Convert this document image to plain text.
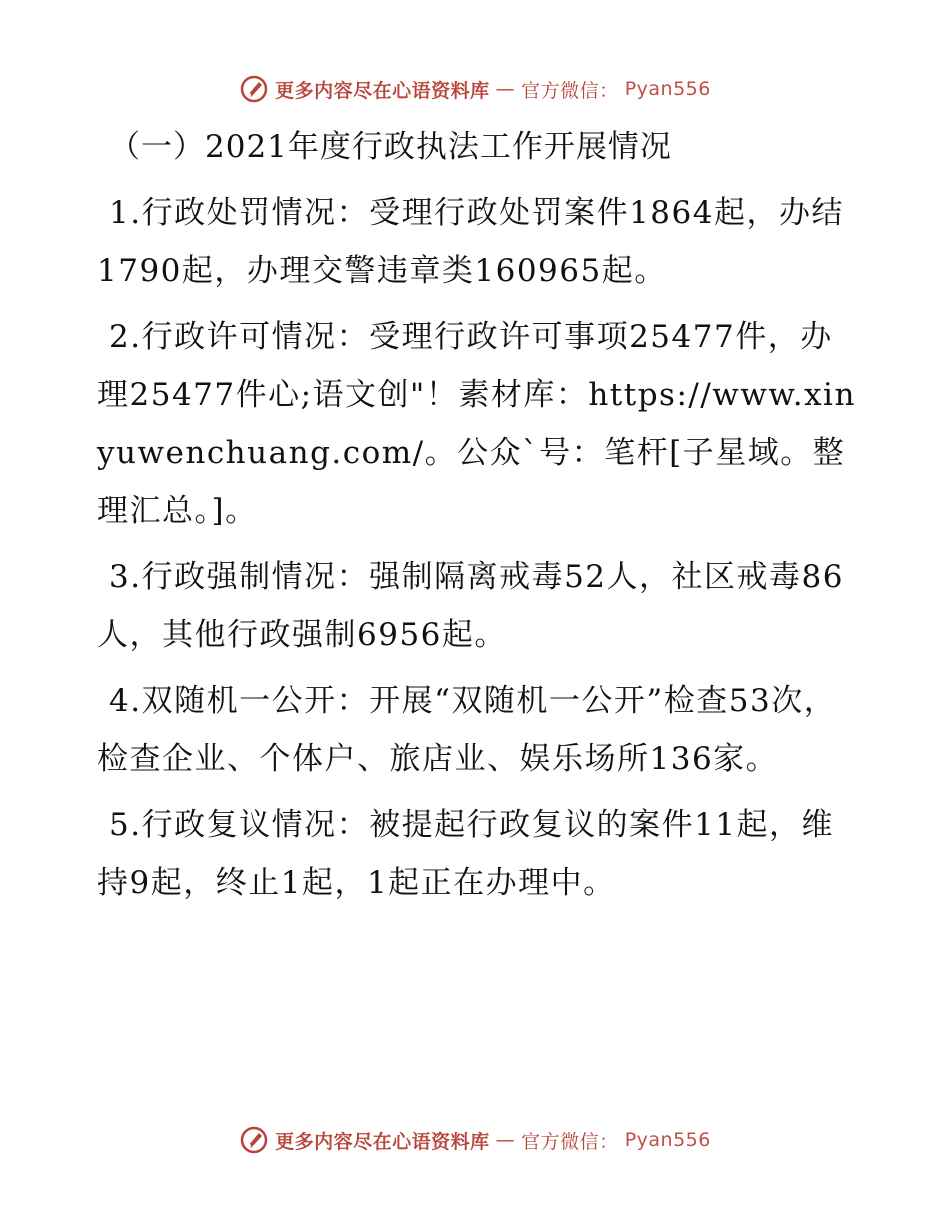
更多内容尽在心语资料库 — 官方微信： Pyan556
（一）2021年度行政执法工作开展情况

1.行政处罚情况：受理行政处罚案件1864起，办结1790起，办理交警违章类160965起。

2.行政许可情况：受理行政许可事项25477件，办理25477件心;语文创"！素材库：https://www.xinyuwenchuang.com/。公众`号：笔杆[子星域。整理汇总。]。

3.行政强制情况：强制隔离戒毒52人，社区戒毒86人，其他行政强制6956起。

4.双随机一公开：开展“双随机一公开”检查53次，检查企业、个体户、旅店业、娱乐场所136家。

5.行政复议情况：被提起行政复议的案件11起，维持9起，终止1起，1起正在办理中。

更多内容尽在心语资料库 — 官方微信： Pyan556
